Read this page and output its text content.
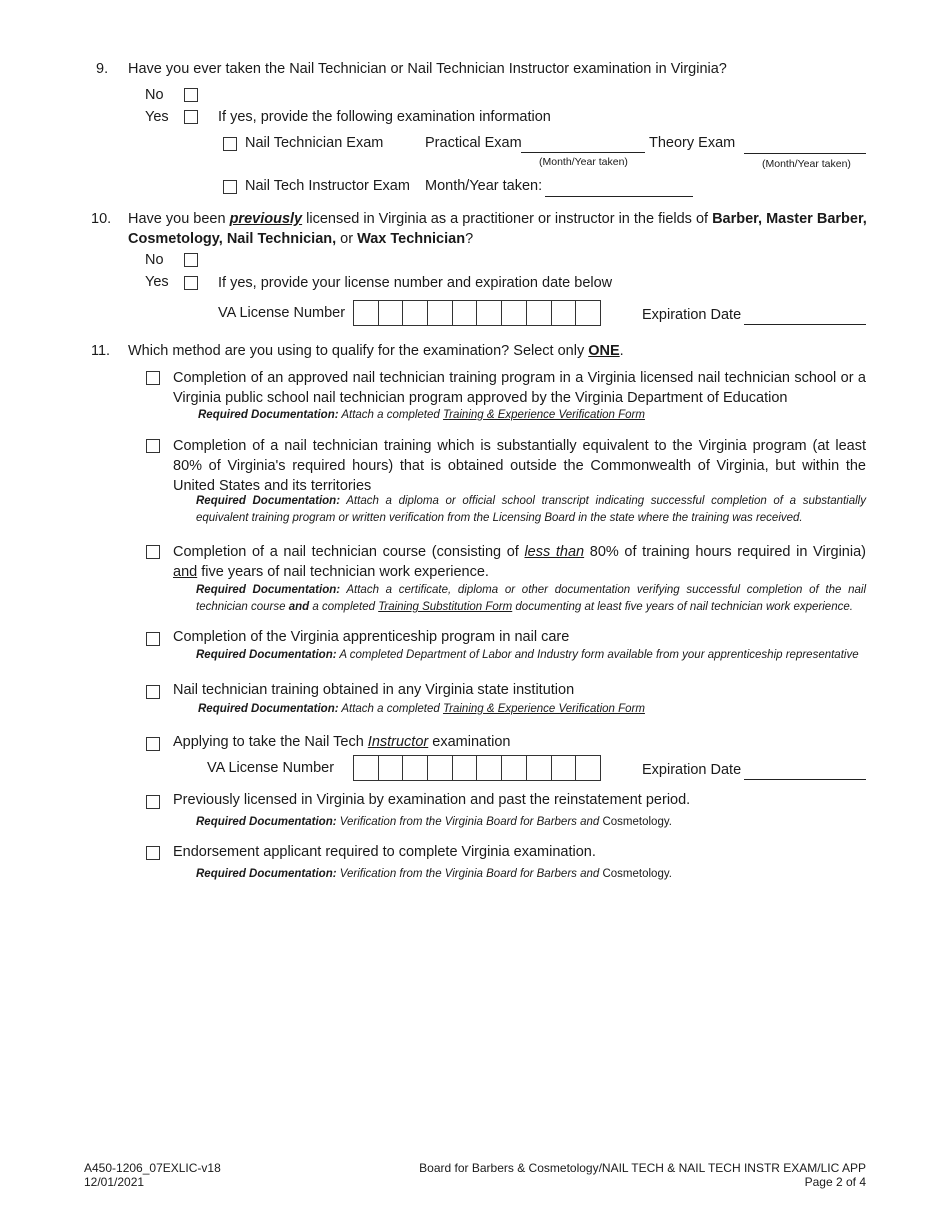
9. Have you ever taken the Nail Technician or Nail Technician Instructor examination in Virginia?
No
Yes	If yes, provide the following examination information
Nail Technician Exam	Practical Exam
(Month/Year taken)
Theory Exam
(Month/Year taken)
Nail Tech Instructor Exam Month/Year taken:
10. Have you been previously licensed in Virginia as a practitioner or instructor in the fields of Barber, Master Barber,
Cosmetology, Nail Technician, or Wax Technician?
No
Yes	If yes, provide your license number and expiration date below
VA License Number	Expiration Date
11. Which method are you using to qualify for the examination? Select only ONE.
Completion of an approved nail technician training program in a Virginia licensed nail technician school or a Virginia public school nail technician program approved by the Virginia Department of Education
Required Documentation: Attach a completed Training & Experience Verification Form
Completion of a nail technician training which is substantially equivalent to the Virginia program (at least 80% of Virginia's required hours) that is obtained outside the Commonwealth of Virginia, but within the United States and its territories
Required Documentation: Attach a diploma or official school transcript indicating successful completion of a substantially equivalent training program or written verification from the Licensing Board in the state where the training was received.
Completion of a nail technician course (consisting of less than 80% of training hours required in Virginia) and five years of nail technician work experience.
Required Documentation: Attach a certificate, diploma or other documentation verifying successful completion of the nail technician course and a completed Training Substitution Form documenting at least five years of nail technician work experience.
Completion of the Virginia apprenticeship program in nail care
Required Documentation: A completed Department of Labor and Industry form available from your apprenticeship representative
Nail technician training obtained in any Virginia state institution
Required Documentation: Attach a completed Training & Experience Verification Form
Applying to take the Nail Tech Instructor examination
VA License Number	Expiration Date
Previously licensed in Virginia by examination and past the reinstatement period.
Required Documentation: Verification from the Virginia Board for Barbers and Cosmetology.
Endorsement applicant required to complete Virginia examination.
Required Documentation: Verification from the Virginia Board for Barbers and Cosmetology.
A450-1206_07EXLIC-v18
12/01/2021
Board for Barbers & Cosmetology/NAIL TECH & NAIL TECH INSTR EXAM/LIC APP
Page 2 of 4
